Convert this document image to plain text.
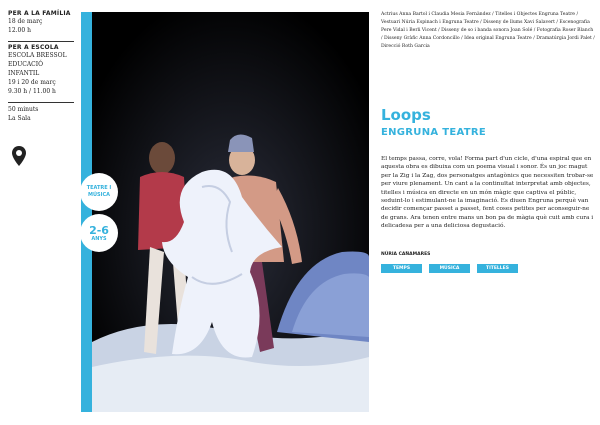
PER A LA FAMÍLIA
18 de març
12.00 h
PER A ESCOLA
ESCOLA BRESSOL
EDUCACIÓ
INFANTIL
19 i 20 de març
9.30 h / 11.00 h
50 minuts
La Sala
TEATRE I
MÚSICA
2-6
ANYS
Actrius Anna Bartol i Claudia Mesia Fernàndez / Titelles i Objectes Engruna Teatre / Vestuari Núria Espinach i Engruna Teatre / Disseny de llums Xavi Salavert / Escenografia Pere Vidal i Berli Vicent / Disseny de so i banda sonora Joan Solé / Fotografia Roser Blanch / Disseny Gràfic Anna Cordoncillo / Idea original Engruna Teatre / Dramatúrgia Jordi Palet / Direcció Roth Garcia
Loops
ENGRUNA TEATRE
El temps passa, corre, vola! Forma part d'un cicle, d'una espiral que en aquesta obra es dibuixa com un poema visual i sonor. És un joc magut per la Zig i la Zag, dos personatges antagònics que necessiten trobar-se per viure plenament. Un cant a la continuïtat interpretat amb objectes, titelles i música en directe en un món màgic que captiva el públic, seduint-lo i estimulant-ne la imaginació. Es diuen Engruna perquè van decidir començar passet a passet, fent coses petites per aconseguir-ne de grans. Ara tenen entre mans un bon pa de màgia què cuit amb cura i delicadesa per a una deliciosa degustació.
NÚRIA CAÑAMARES
TEMPS	MÚSICA	TITELLES
